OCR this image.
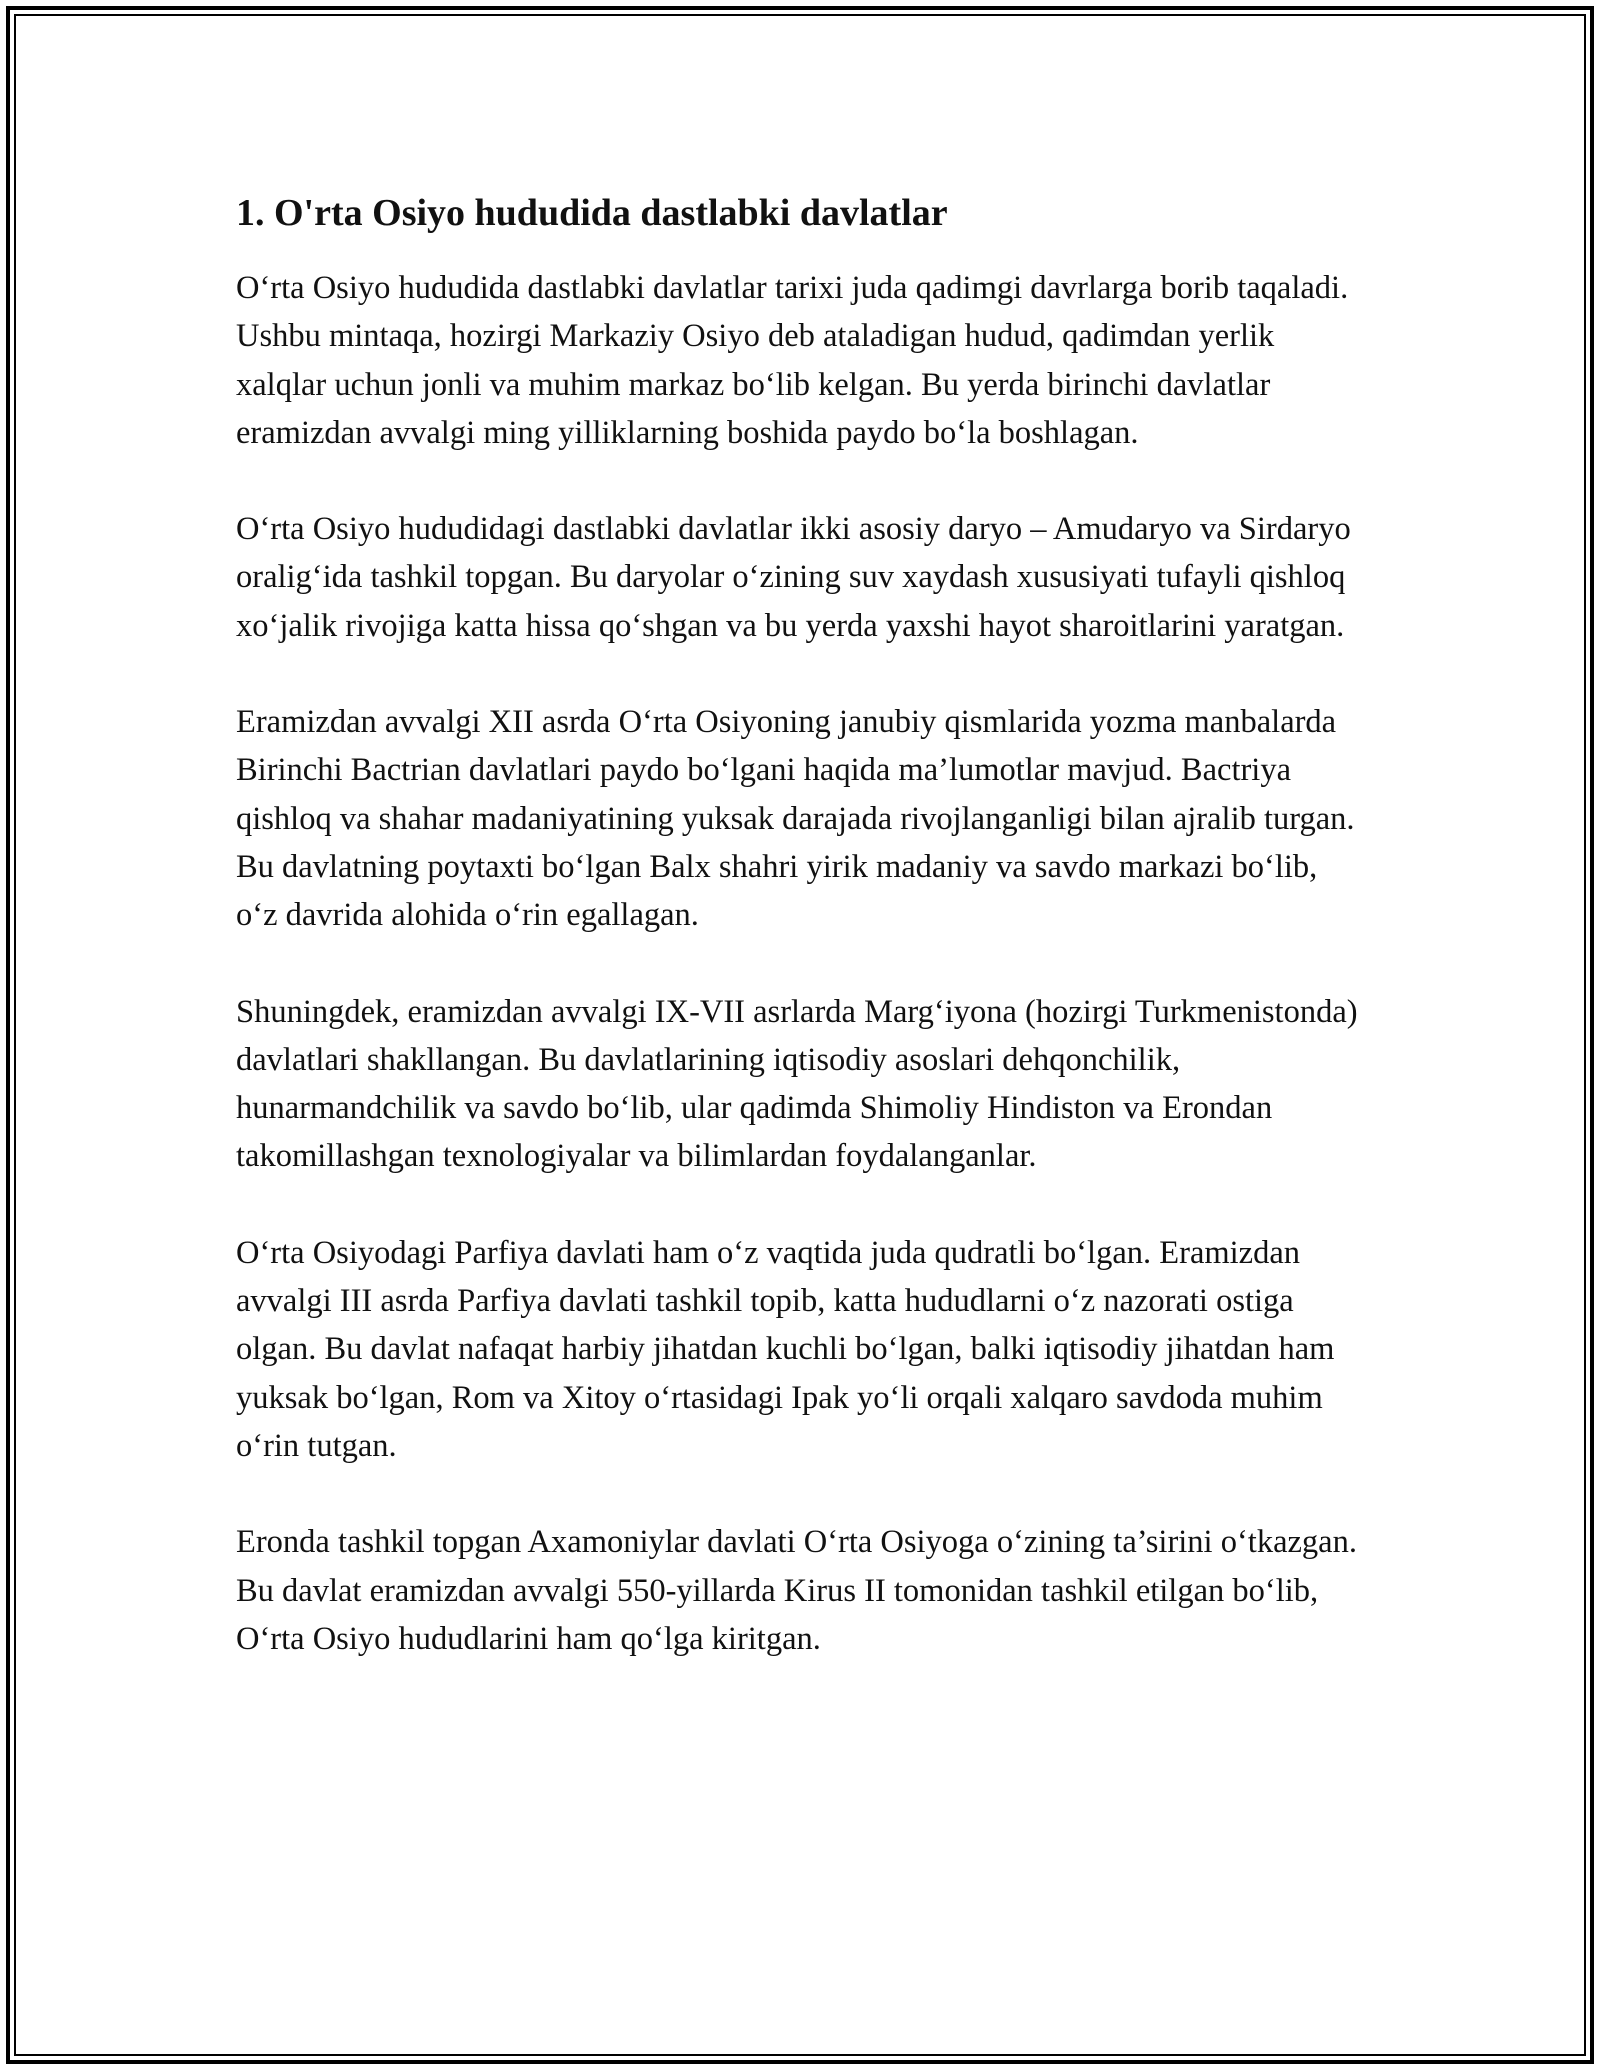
1. O'rta Osiyo hududida dastlabki davlatlar

O‘rta Osiyo hududida dastlabki davlatlar tarixi juda qadimgi davrlarga borib taqaladi. Ushbu mintaqa, hozirgi Markaziy Osiyo deb ataladigan hudud, qadimdan yerlik xalqlar uchun jonli va muhim markaz bo‘lib kelgan. Bu yerda birinchi davlatlar eramizdan avvalgi ming yilliklarning boshida paydo bo‘la boshlagan.

O‘rta Osiyo hududidagi dastlabki davlatlar ikki asosiy daryo – Amudaryo va Sirdaryo oralig‘ida tashkil topgan. Bu daryolar o‘zining suv xaydash xususiyati tufayli qishloq xo‘jalik rivojiga katta hissa qo‘shgan va bu yerda yaxshi hayot sharoitlarini yaratgan.

Eramizdan avvalgi XII asrda O‘rta Osiyoning janubiy qismlarida yozma manbalarda Birinchi Bactrian davlatlari paydo bo‘lgani haqida ma’lumotlar mavjud. Bactriya qishloq va shahar madaniyatining yuksak darajada rivojlanganligi bilan ajralib turgan. Bu davlatning poytaxti bo‘lgan Balx shahri yirik madaniy va savdo markazi bo‘lib, o‘z davrida alohida o‘rin egallagan.

Shuningdek, eramizdan avvalgi IX-VII asrlarda Marg‘iyona (hozirgi Turkmenistonda) davlatlari shakllangan. Bu davlatlarining iqtisodiy asoslari dehqonchilik, hunarmandchilik va savdo bo‘lib, ular qadimda Shimoliy Hindiston va Erondan takomillashgan texnologiyalar va bilimlardan foydalanganlar.

O‘rta Osiyodagi Parfiya davlati ham o‘z vaqtida juda qudratli bo‘lgan. Eramizdan avvalgi III asrda Parfiya davlati tashkil topib, katta hududlarni o‘z nazorati ostiga olgan. Bu davlat nafaqat harbiy jihatdan kuchli bo‘lgan, balki iqtisodiy jihatdan ham yuksak bo‘lgan, Rom va Xitoy o‘rtasidagi Ipak yo‘li orqali xalqaro savdoda muhim o‘rin tutgan.

Eronda tashkil topgan Axamoniylar davlati O‘rta Osiyoga o‘zining ta’sirini o‘tkazgan. Bu davlat eramizdan avvalgi 550-yillarda Kirus II tomonidan tashkil etilgan bo‘lib, O‘rta Osiyo hududlarini ham qo‘lga kiritgan.
